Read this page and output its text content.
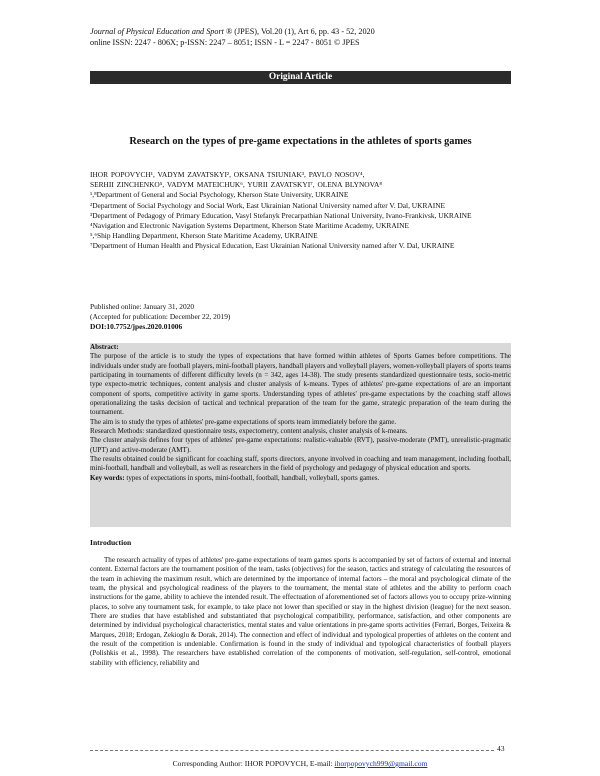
Journal of Physical Education and Sport ® (JPES), Vol.20 (1), Art 6, pp. 43 - 52, 2020
online ISSN: 2247 - 806X; p-ISSN: 2247 – 8051; ISSN - L = 2247 - 8051 © JPES
Original Article
Research on the types of pre-game expectations in the athletes of sports games
IHOR POPOVYCH¹, VADYM ZAVATSKYI², OKSANA TSIUNIAK³, PAVLO NOSOV⁴,
SERHII ZINCHENKO⁵, VADYM MATEICHUK⁶, YURII ZAVATSKYI⁷, OLENA BLYNOVA⁸

¹,⁸Department of General and Social Psychology, Kherson State University, UKRAINE

²Department of Social Psychology and Social Work, East Ukrainian National University named after V. Dal, UKRAINE

³Department of Pedagogy of Primary Education, Vasyl Stefanyk Precarpathian National University, Ivano-Frankivsk, UKRAINE

⁴Navigation and Electronic Navigation Systems Department, Kherson State Maritime Academy, UKRAINE

⁵,⁶Ship Handling Department, Kherson State Maritime Academy, UKRAINE

⁷Department of Human Health and Physical Education, East Ukrainian National University named after V. Dal, UKRAINE

Published online: January 31, 2020
(Accepted for publication: December 22, 2019)
DOI:10.7752/jpes.2020.01006

Abstract:

The purpose of the article is to study the types of expectations that have formed within athletes of Sports Games before competitions. The individuals under study are football players, mini-football players, handball players and volleyball players, women-volleyball players of sports teams participating in tournaments of different difficulty levels (n = 342, ages 14-38). The study presents standardized questionnaire tests, socio-metric type expecto-metric techniques, content analysis and cluster analysis of k-means. Types of athletes' pre-game expectations of are an important component of sports, competitive activity in game sports. Understanding types of athletes' pre-game expectations by the coaching staff allows operationalizing the tasks decision of tactical and technical preparation of the team for the game, strategic preparation of the team during the tournament.

The aim is to study the types of athletes' pre-game expectations of sports team immediately before the game.

Research Methods: standardized questionnaire tests, expectometry, content analysis, cluster analysis of k-means.

The cluster analysis defines four types of athletes' pre-game expectations: realistic-valuable (RVT), passive-moderate (PMT), unrealistic-pragmatic (UPT) and active-moderate (AMT).

The results obtained could be significant for coaching staff, sports directors, anyone involved in coaching and team management, including football, mini-football, handball and volleyball, as well as researchers in the field of psychology and pedagogy of physical education and sports.

Key words: types of expectations in sports, mini-football, football, handball, volleyball, sports games.

Introduction

The research actuality of types of athletes' pre-game expectations of team games sports is accompanied by set of factors of external and internal content. External factors are the tournament position of the team, tasks (objectives) for the season, tactics and strategy of calculating the resources of the team in achieving the maximum result, which are determined by the importance of internal factors – the moral and psychological climate of the team, the physical and psychological readiness of the players to the tournament, the mental state of athletes and the ability to perform coach instructions for the game, ability to achieve the intended result. The effectuation of aforementioned set of factors allows you to occupy prize-winning places, to solve any tournament task, for example, to take place not lower than specified or stay in the highest division (league) for the next season. There are studies that have established and substantiated that psychological compatibility, performance, satisfaction, and other components are determined by individual psychological characteristics, mental states and value orientations in pre-game sports activities (Ferrari, Borges, Teixeira & Marques, 2018; Erdogan, Zekioglu & Dorak, 2014). The connection and effect of individual and typological properties of athletes on the content and the result of the competition is undeniable. Confirmation is found in the study of individual and typological characteristics of football players (Polishkis et al., 1998). The researchers have established correlation of the components of motivation, self-regulation, self-control, emotional stability with efficiency, reliability and

43
Corresponding Author: IHOR POPOVYCH, E-mail: ihorpopovych999@gmail.com
